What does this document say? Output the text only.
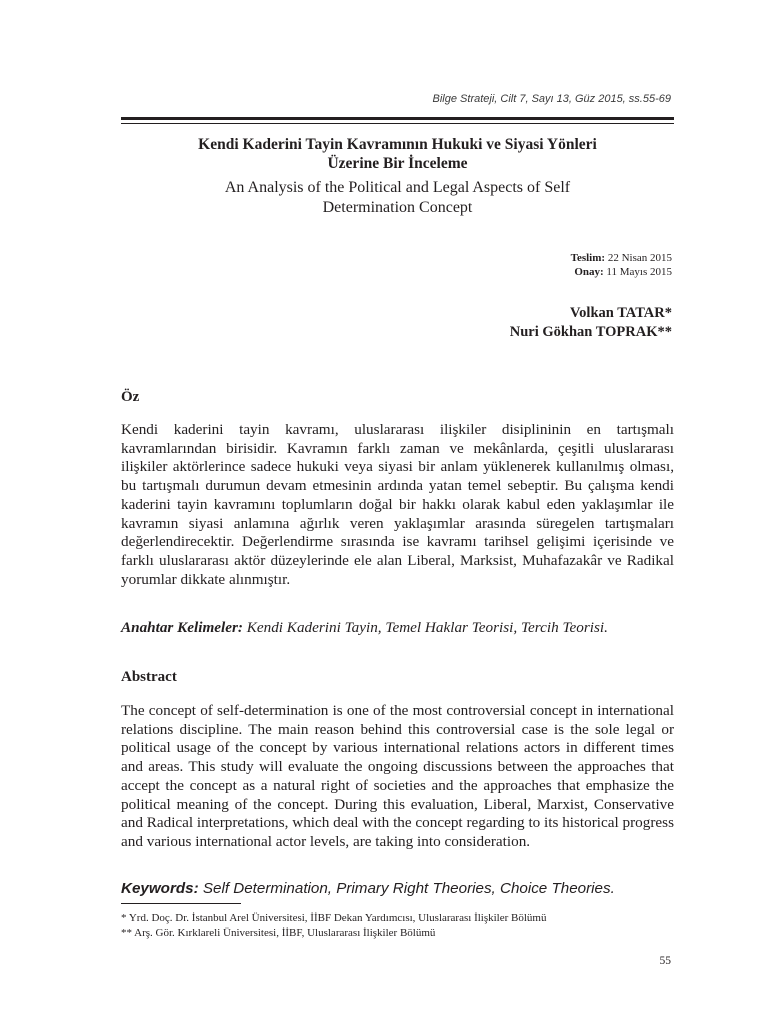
Bilge Strateji, Cilt 7, Sayı 13, Güz 2015, ss.55-69
Kendi Kaderini Tayin Kavramının Hukuki ve Siyasi Yönleri
Üzerine Bir İnceleme
An Analysis of the Political and Legal Aspects of Self
Determination Concept
Teslim: 22 Nisan 2015
Onay: 11 Mayıs 2015
Volkan TATAR*
Nuri Gökhan TOPRAK**
Öz

Kendi kaderini tayin kavramı, uluslararası ilişkiler disiplininin en tartışmalı kavramlarından birisidir. Kavramın farklı zaman ve mekânlarda, çeşitli uluslararası ilişkiler aktörlerince sadece hukuki veya siyasi bir anlam yüklenerek kullanılmış olması, bu tartışmalı durumun devam etmesinin ardında yatan temel sebeptir. Bu çalışma kendi kaderini tayin kavramını toplumların doğal bir hakkı olarak kabul eden yaklaşımlar ile kavramın siyasi anlamına ağırlık veren yaklaşımlar arasında süregelen tartışmaları değerlendirecektir. Değerlendirme sırasında ise kavramı tarihsel gelişimi içerisinde ve farklı uluslararası aktör düzeylerinde ele alan Liberal, Marksist, Muhafazakâr ve Radikal yorumlar dikkate alınmıştır.

Anahtar Kelimeler: Kendi Kaderini Tayin, Temel Haklar Teorisi, Tercih Teorisi.

Abstract

The concept of self-determination is one of the most controversial concept in international relations discipline. The main reason behind this controversial case is the sole legal or political usage of the concept by various international relations actors in different times and areas. This study will evaluate the ongoing discussions between the approaches that accept the concept as a natural right of societies and the approaches that emphasize the political meaning of the concept. During this evaluation, Liberal, Marxist, Conservative and Radical interpretations, which deal with the concept regarding to its historical progress and various international actor levels, are taking into consideration.

Keywords: Self Determination, Primary Right Theories, Choice Theories.

* Yrd. Doç. Dr. İstanbul Arel Üniversitesi, İİBF Dekan Yardımcısı, Uluslararası İlişkiler Bölümü
** Arş. Gör. Kırklareli Üniversitesi, İİBF, Uluslararası İlişkiler Bölümü
55
